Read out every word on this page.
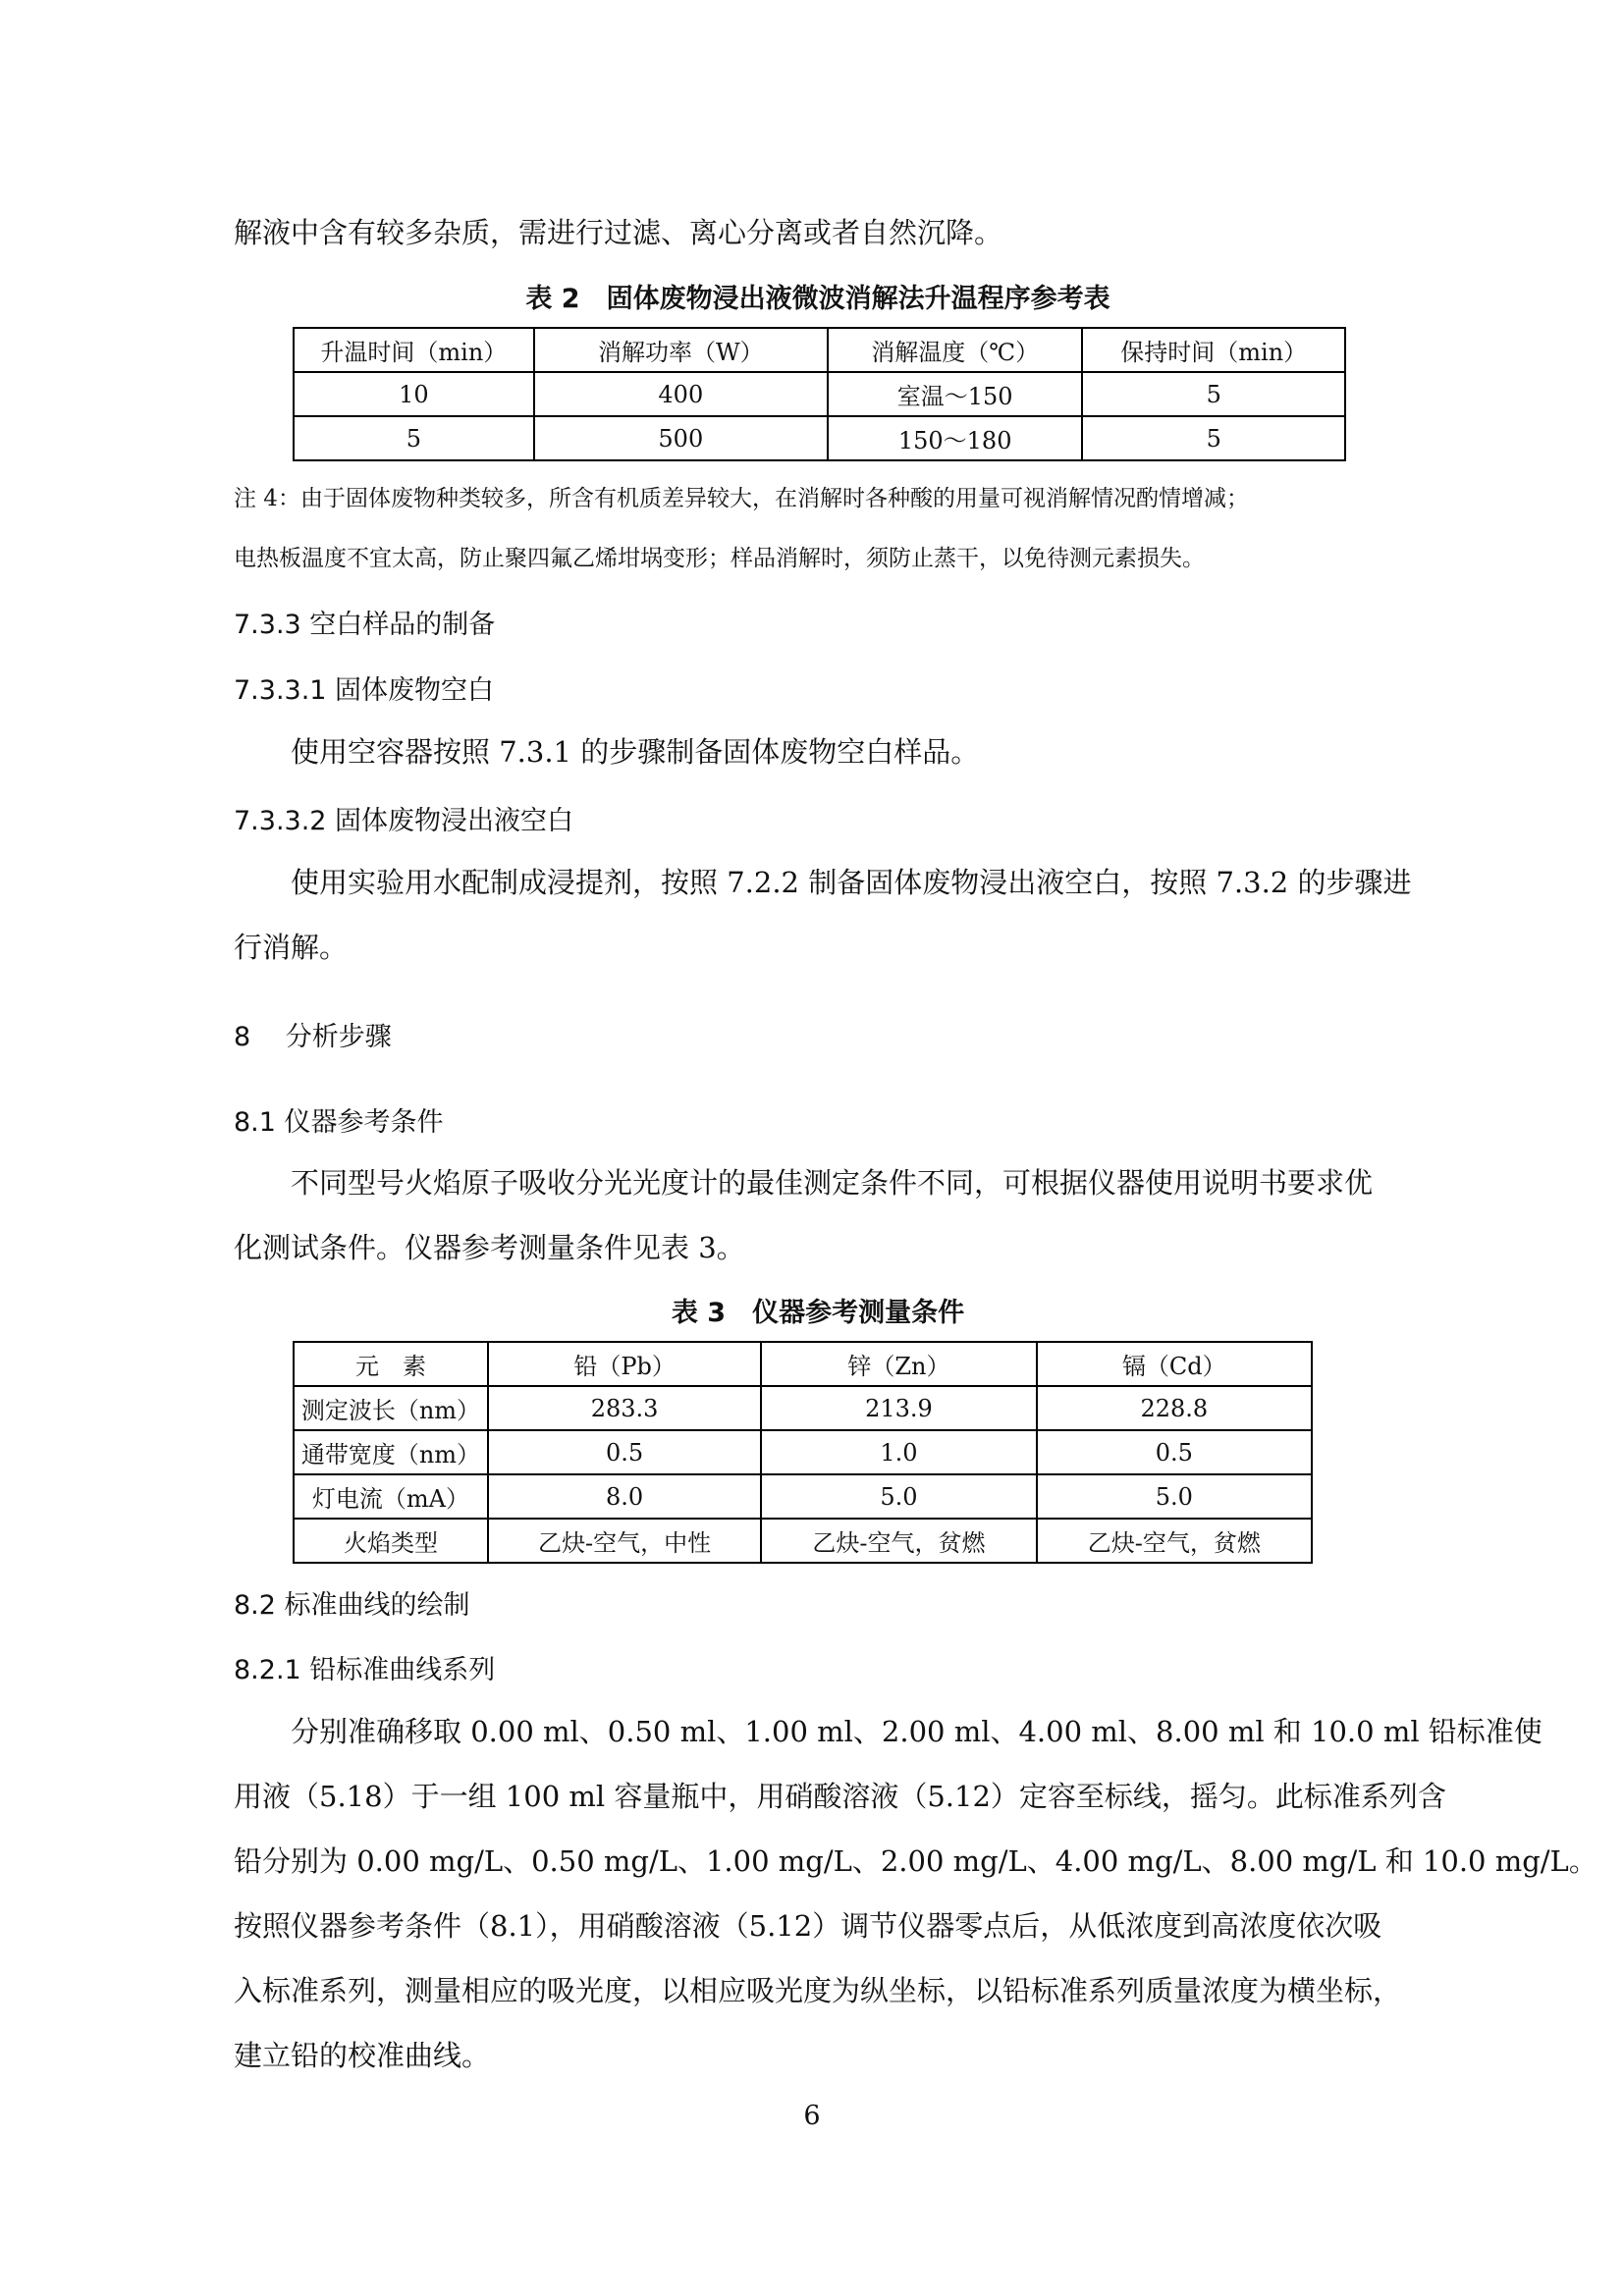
解液中含有较多杂质，需进行过滤、离心分离或者自然沉降。
表 2　固体废物浸出液微波消解法升温程序参考表
升温时间（min）	消解功率（W）	消解温度（℃）	保持时间（min）
10	400	室温～150	5
5	500	150～180	5
注 4：由于固体废物种类较多，所含有机质差异较大，在消解时各种酸的用量可视消解情况酌情增减；
电热板温度不宜太高，防止聚四氟乙烯坩埚变形；样品消解时，须防止蒸干，以免待测元素损失。
7.3.3 空白样品的制备
7.3.3.1 固体废物空白
使用空容器按照 7.3.1 的步骤制备固体废物空白样品。
7.3.3.2 固体废物浸出液空白
使用实验用水配制成浸提剂，按照 7.2.2 制备固体废物浸出液空白，按照 7.3.2 的步骤进
行消解。
8　 分析步骤
8.1 仪器参考条件
不同型号火焰原子吸收分光光度计的最佳测定条件不同，可根据仪器使用说明书要求优
化测试条件。仪器参考测量条件见表 3。
表 3　仪器参考测量条件
元　素	铅（Pb）	锌（Zn）	镉（Cd）
测定波长（nm）	283.3	213.9	228.8
通带宽度（nm）	0.5	1.0	0.5
灯电流（mA）	8.0	5.0	5.0
火焰类型	乙炔-空气，中性	乙炔-空气，贫燃	乙炔-空气，贫燃
8.2 标准曲线的绘制
8.2.1 铅标准曲线系列
分别准确移取 0.00 ml、0.50 ml、1.00 ml、2.00 ml、4.00 ml、8.00 ml 和 10.0 ml 铅标准使
用液（5.18）于一组 100 ml 容量瓶中，用硝酸溶液（5.12）定容至标线，摇匀。此标准系列含
铅分别为 0.00 mg/L、0.50 mg/L、1.00 mg/L、2.00 mg/L、4.00 mg/L、8.00 mg/L 和 10.0 mg/L。
按照仪器参考条件（8.1），用硝酸溶液（5.12）调节仪器零点后，从低浓度到高浓度依次吸
入标准系列，测量相应的吸光度，以相应吸光度为纵坐标，以铅标准系列质量浓度为横坐标，
建立铅的校准曲线。
6
